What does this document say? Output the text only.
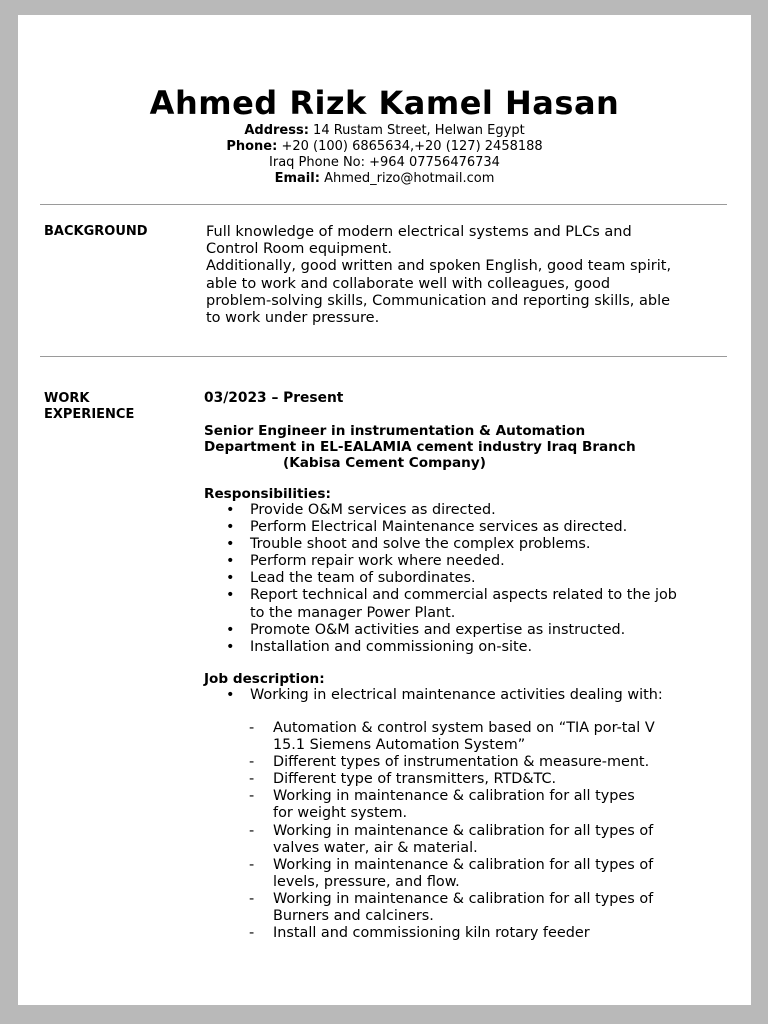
Ahmed Rizk Kamel Hasan
Address: 14 Rustam Street, Helwan Egypt
Phone: +20 (100) 6865634,+20 (127) 2458188
Iraq Phone No: +964 07756476734
Email: Ahmed_rizo@hotmail.com
BACKGROUND	Full knowledge of modern electrical systems and PLCs and Control Room equipment.
Additionally, good written and spoken English, good team spirit, able to work and collaborate well with colleagues, good problem-solving skills, Communication and reporting skills, able to work under pressure.
WORK
EXPERIENCE
03/2023 – Present
Senior Engineer in instrumentation & Automation
Department in EL-EALAMIA cement industry Iraq Branch
(Kabisa Cement Company)
Responsibilities:
• Provide O&M services as directed.
• Perform Electrical Maintenance services as directed.
• Trouble shoot and solve the complex problems.
• Perform repair work where needed.
• Lead the team of subordinates.
• Report technical and commercial aspects related to the job to the manager Power Plant.
• Promote O&M activities and expertise as instructed.
• Installation and commissioning on-site.
Job description:
• Working in electrical maintenance activities dealing with:
- Automation & control system based on “TIA por-tal V 15.1 Siemens Automation System”
- Different types of instrumentation & measure-ment.
- Different type of transmitters, RTD&TC.
- Working in maintenance & calibration for all types for weight system.
- Working in maintenance & calibration for all types of valves water, air & material.
- Working in maintenance & calibration for all types of levels, pressure, and flow.
- Working in maintenance & calibration for all types of Burners and calciners.
- Install and commissioning kiln rotary feeder
